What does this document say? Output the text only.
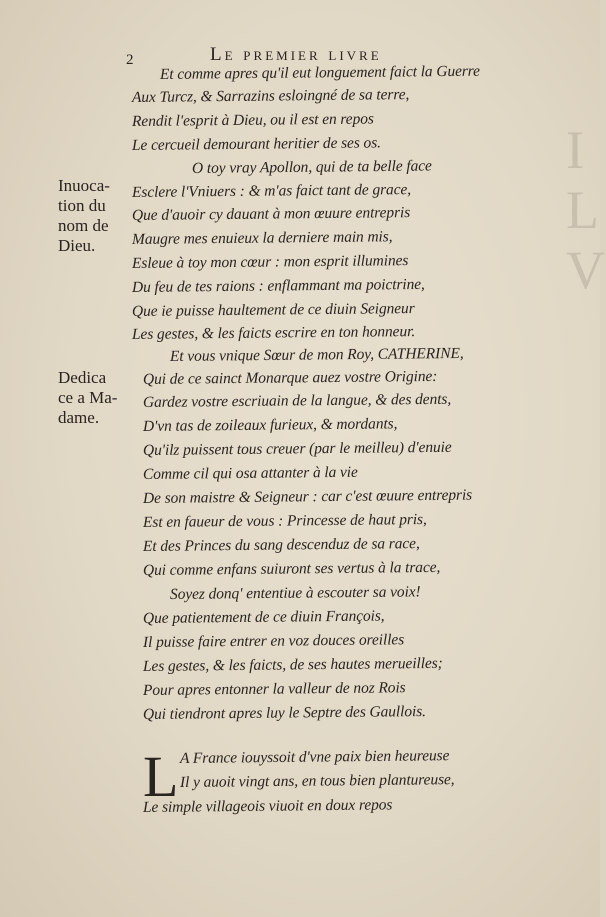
I
L
V
2	Le premier livre
Inuoca-
tion du
nom de
Dieu.
Dedica
ce a Ma-
dame.
Et comme apres qu'il eut longuement faict la Guerre
Aux Turcz, & Sarrazins esloingné de sa terre,
Rendit l'esprit à Dieu, ou il est en repos
Le cercueil demourant heritier de ses os.
O toy vray Apollon, qui de ta belle face
Esclere l'Vniuers : & m'as faict tant de grace,
Que d'auoir cy dauant à mon œuure entrepris
Maugre mes enuieux la derniere main mis,
Esleue à toy mon cœur : mon esprit illumines
Du feu de tes raions : enflammant ma poictrine,
Que ie puisse haultement de ce diuin Seigneur
Les gestes, & les faicts escrire en ton honneur.
Et vous vnique Sœur de mon Roy, CATHERINE,
Qui de ce sainct Monarque auez vostre Origine:
Gardez vostre escriuain de la langue, & des dents,
D'vn tas de zoileaux furieux, & mordants,
Qu'ilz puissent tous creuer (par le meilleu) d'enuie
Comme cil qui osa attanter à la vie
De son maistre & Seigneur : car c'est œuure entrepris
Est en faueur de vous : Princesse de haut pris,
Et des Princes du sang descenduz de sa race,
Qui comme enfans suiuront ses vertus à la trace,
Soyez donq' ententiue à escouter sa voix!
Que patientement de ce diuin François,
Il puisse faire entrer en voz douces oreilles
Les gestes, & les faicts, de ses hautes merueilles;
Pour apres entonner la valleur de noz Rois
Qui tiendront apres luy le Septre des Gaullois.
L A France iouyssoit d'vne paix bien heureuse
Il y auoit vingt ans, en tous bien plantureuse,
Le simple villageois viuoit en doux repos
